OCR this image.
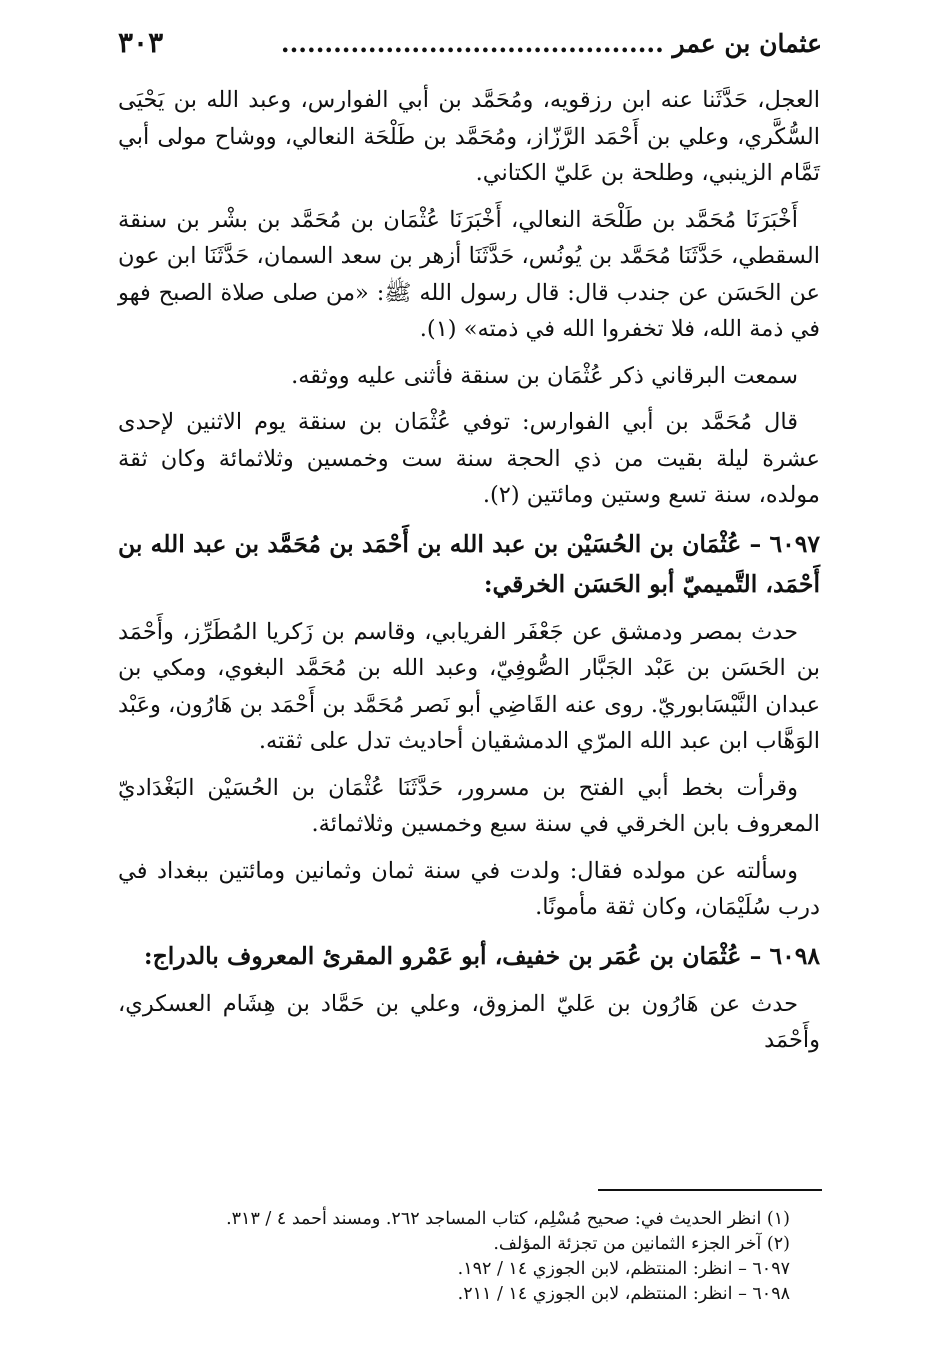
٣٠٣	عثمان بن عمر ............................................

العجل، حَدَّثَنا عنه ابن رزقويه، ومُحَمَّد بن أبي الفوارس، وعبد الله بن يَحْيَى السُّكَّري، وعلي بن أَحْمَد الرَّزّاز، ومُحَمَّد بن طَلْحَة النعالي، ووشاح مولى أبي تَمَّام الزينبي، وطلحة بن عَليّ الكتاني.

أَخْبَرَنَا مُحَمَّد بن طَلْحَة النعالي، أَخْبَرَنَا عُثْمَان بن مُحَمَّد بن بشْر بن سنقة السقطي، حَدَّثَنَا مُحَمَّد بن يُونُس، حَدَّثَنَا أزهر بن سعد السمان، حَدَّثَنَا ابن عون عن الحَسَن عن جندب قال: قال رسول الله ﷺ: «من صلى صلاة الصبح فهو في ذمة الله، فلا تخفروا الله في ذمته» (١).

سمعت البرقاني ذكر عُثْمَان بن سنقة فأثنى عليه ووثقه.

قال مُحَمَّد بن أبي الفوارس: توفي عُثْمَان بن سنقة يوم الاثنين لإحدى عشرة ليلة بقيت من ذي الحجة سنة ست وخمسين وثلاثمائة وكان ثقة مولده، سنة تسع وستين ومائتين (٢).

٦٠٩٧ – عُثْمَان بن الحُسَيْن بن عبد الله بن أَحْمَد بن مُحَمَّد بن عبد الله بن أَحْمَد، التَّميميّ أبو الحَسَن الخرقي:

حدث بمصر ودمشق عن جَعْفَر الفريابي، وقاسم بن زَكريا المُطَرِّز، وأَحْمَد بن الحَسَن بن عَبْد الجَبَّار الصُّوفِيّ، وعبد الله بن مُحَمَّد البغوي، ومكي بن عبدان النَّيْسَابوريّ. روى عنه القَاضِي أبو نَصر مُحَمَّد بن أَحْمَد بن هَارُون، وعَبْد الوَهَّاب ابن عبد الله المرّي الدمشقيان أحاديث تدل على ثقته.

وقرأت بخط أبي الفتح بن مسرور، حَدَّثَنَا عُثْمَان بن الحُسَيْن البَغْدَاديّ المعروف بابن الخرقي في سنة سبع وخمسين وثلاثمائة.

وسألته عن مولده فقال: ولدت في سنة ثمان وثمانين ومائتين ببغداد في درب سُلَيْمَان، وكان ثقة مأمونًا.

٦٠٩٨ – عُثْمَان بن عُمَر بن خفيف، أبو عَمْرو المقرئ المعروف بالدراج:

حدث عن هَارُون بن عَليّ المزوق، وعلي بن حَمَّاد بن هِشَام العسكري، وأَحْمَد

(١) انظر الحديث في: صحيح مُسْلِم، كتاب المساجد ٢٦٢. ومسند أحمد ٤ / ٣١٣.
(٢) آخر الجزء الثمانين من تجزئة المؤلف.
٦٠٩٧ – انظر: المنتظم، لابن الجوزي ١٤ / ١٩٢.
٦٠٩٨ – انظر: المنتظم، لابن الجوزي ١٤ / ٢١١.
